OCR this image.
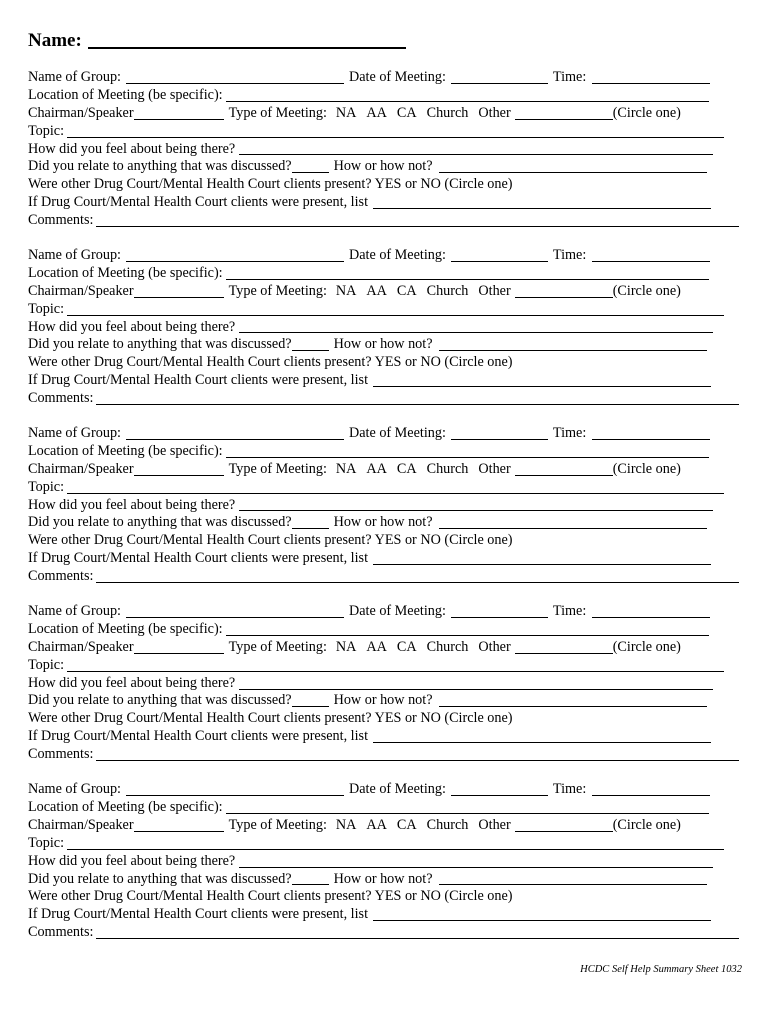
Name:
Name of Group:	Date of Meeting:	Time:
Location of Meeting (be specific):
Chairman/Speaker	Type of Meeting: NA AA CA Church Other	(Circle one)
Topic:
How did you feel about being there?
Did you relate to anything that was discussed?	How or how not?
Were other Drug Court/Mental Health Court clients present? YES or NO (Circle one)
If Drug Court/Mental Health Court clients were present, list
Comments:
Name of Group:	Date of Meeting:	Time:
Location of Meeting (be specific):
Chairman/Speaker	Type of Meeting: NA AA CA Church Other	(Circle one)
Topic:
How did you feel about being there?
Did you relate to anything that was discussed?	How or how not?
Were other Drug Court/Mental Health Court clients present? YES or NO (Circle one)
If Drug Court/Mental Health Court clients were present, list
Comments:
Name of Group:	Date of Meeting:	Time:
Location of Meeting (be specific):
Chairman/Speaker	Type of Meeting: NA AA CA Church Other	(Circle one)
Topic:
How did you feel about being there?
Did you relate to anything that was discussed?	How or how not?
Were other Drug Court/Mental Health Court clients present? YES or NO (Circle one)
If Drug Court/Mental Health Court clients were present, list
Comments:
Name of Group:	Date of Meeting:	Time:
Location of Meeting (be specific):
Chairman/Speaker	Type of Meeting: NA AA CA Church Other	(Circle one)
Topic:
How did you feel about being there?
Did you relate to anything that was discussed?	How or how not?
Were other Drug Court/Mental Health Court clients present? YES or NO (Circle one)
If Drug Court/Mental Health Court clients were present, list
Comments:
Name of Group:	Date of Meeting:	Time:
Location of Meeting (be specific):
Chairman/Speaker	Type of Meeting: NA AA CA Church Other	(Circle one)
Topic:
How did you feel about being there?
Did you relate to anything that was discussed?	How or how not?
Were other Drug Court/Mental Health Court clients present? YES or NO (Circle one)
If Drug Court/Mental Health Court clients were present, list
Comments:
HCDC Self Help Summary Sheet 1032
